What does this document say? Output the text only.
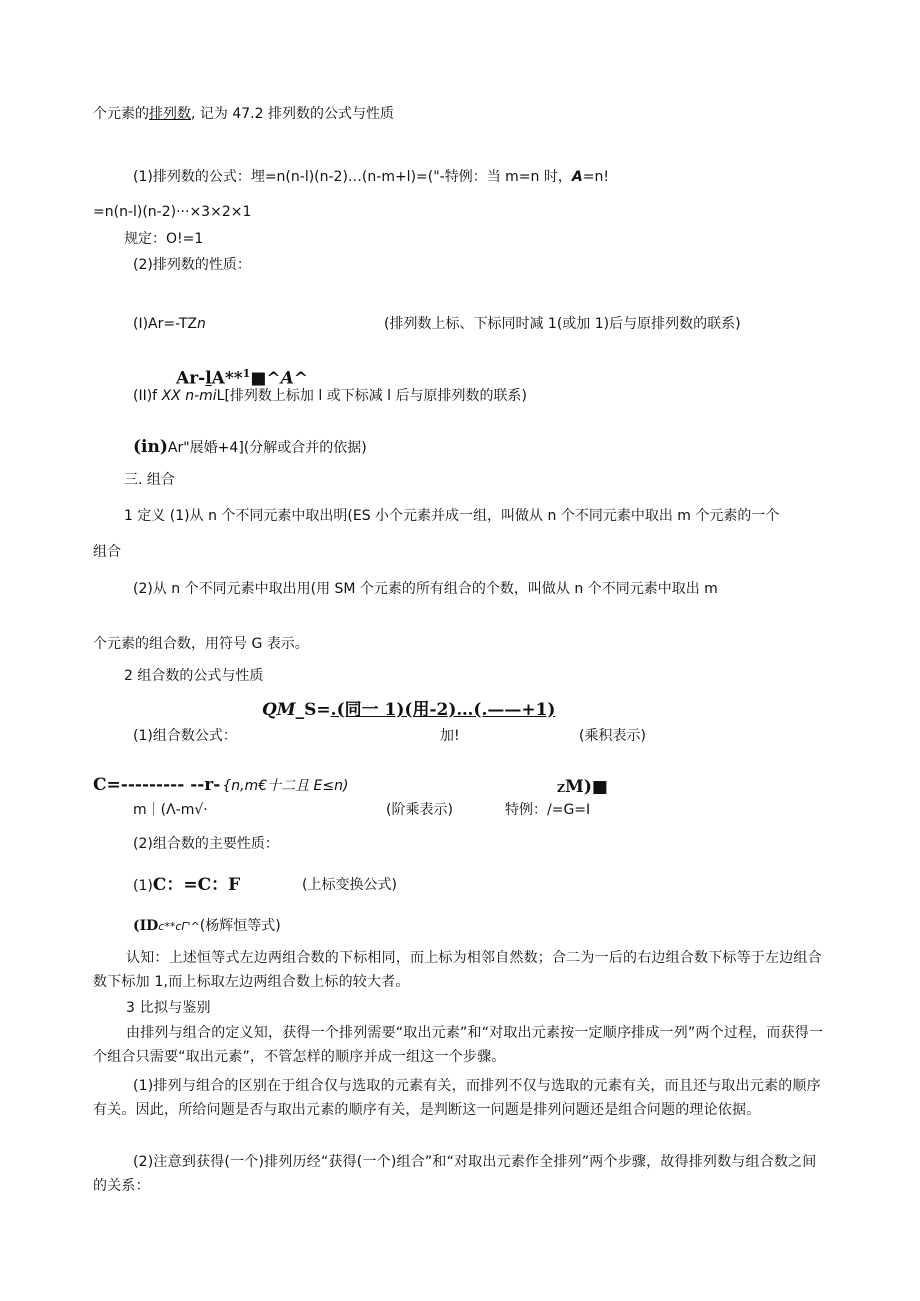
个元素的排列数, 记为 47.2 排列数的公式与性质
(1)排列数的公式：埋=n(n-l)(n-2)…(n-m+l)=("-特例：当 m=n 时，A=n!
=n(n-l)(n-2)···×3×2×1
规定：O!=1
(2)排列数的性质：
(I)Ar=-TZn	(排列数上标、下标同时减 1(或加 1)后与原排列数的联系)
Ar-lA**$^1$■^A^
(II)f XX n-miL[排列数上标加 l 或下标减 l 后与原排列数的联系)
(in)Ar"展婚+4](分解或合并的依据)
三. 组合
1 定义 (1)从 n 个不同元素中取出明(ES 小个元素并成一组，叫做从 n 个不同元素中取出 m 个元素的一个
组合
(2)从 n 个不同元素中取出用(用 SM 个元素的所有组合的个数，叫做从 n 个不同元素中取出 m
个元素的组合数，用符号 G 表示。
2 组合数的公式与性质
QM_S=.(同一 1)(用-2)…(.——+1)
(1)组合数公式：	加!	(乘积表示)
C=--------- --r- {n,m€十二且 E≤n)	ZM)■
m｜(Λ-m√·	(阶乘表示)	特例：/=G=I
(2)组合数的主要性质：
(1)C：=C：F	(上标变换公式)
(IDc**cΓ'^(杨辉恒等式)
认知：上述恒等式左边两组合数的下标相同，而上标为相邻自然数；合二为一后的右边组合数下标等于左边组合数下标加 1,而上标取左边两组合数上标的较大者。
3 比拟与鉴别
由排列与组合的定义知，获得一个排列需要“取出元素”和“对取出元素按一定顺序排成一列”两个过程，而获得一个组合只需要“取出元素”，不管怎样的顺序并成一组这一个步骤。
(1)排列与组合的区别在于组合仅与选取的元素有关，而排列不仅与选取的元素有关，而且还与取出元素的顺序有关。因此，所给问题是否与取出元素的顺序有关，是判断这一问题是排列问题还是组合问题的理论依据。
(2)注意到获得(一个)排列历经“获得(一个)组合”和“对取出元素作全排列”两个步骤，故得排列数与组合数之间的关系：
